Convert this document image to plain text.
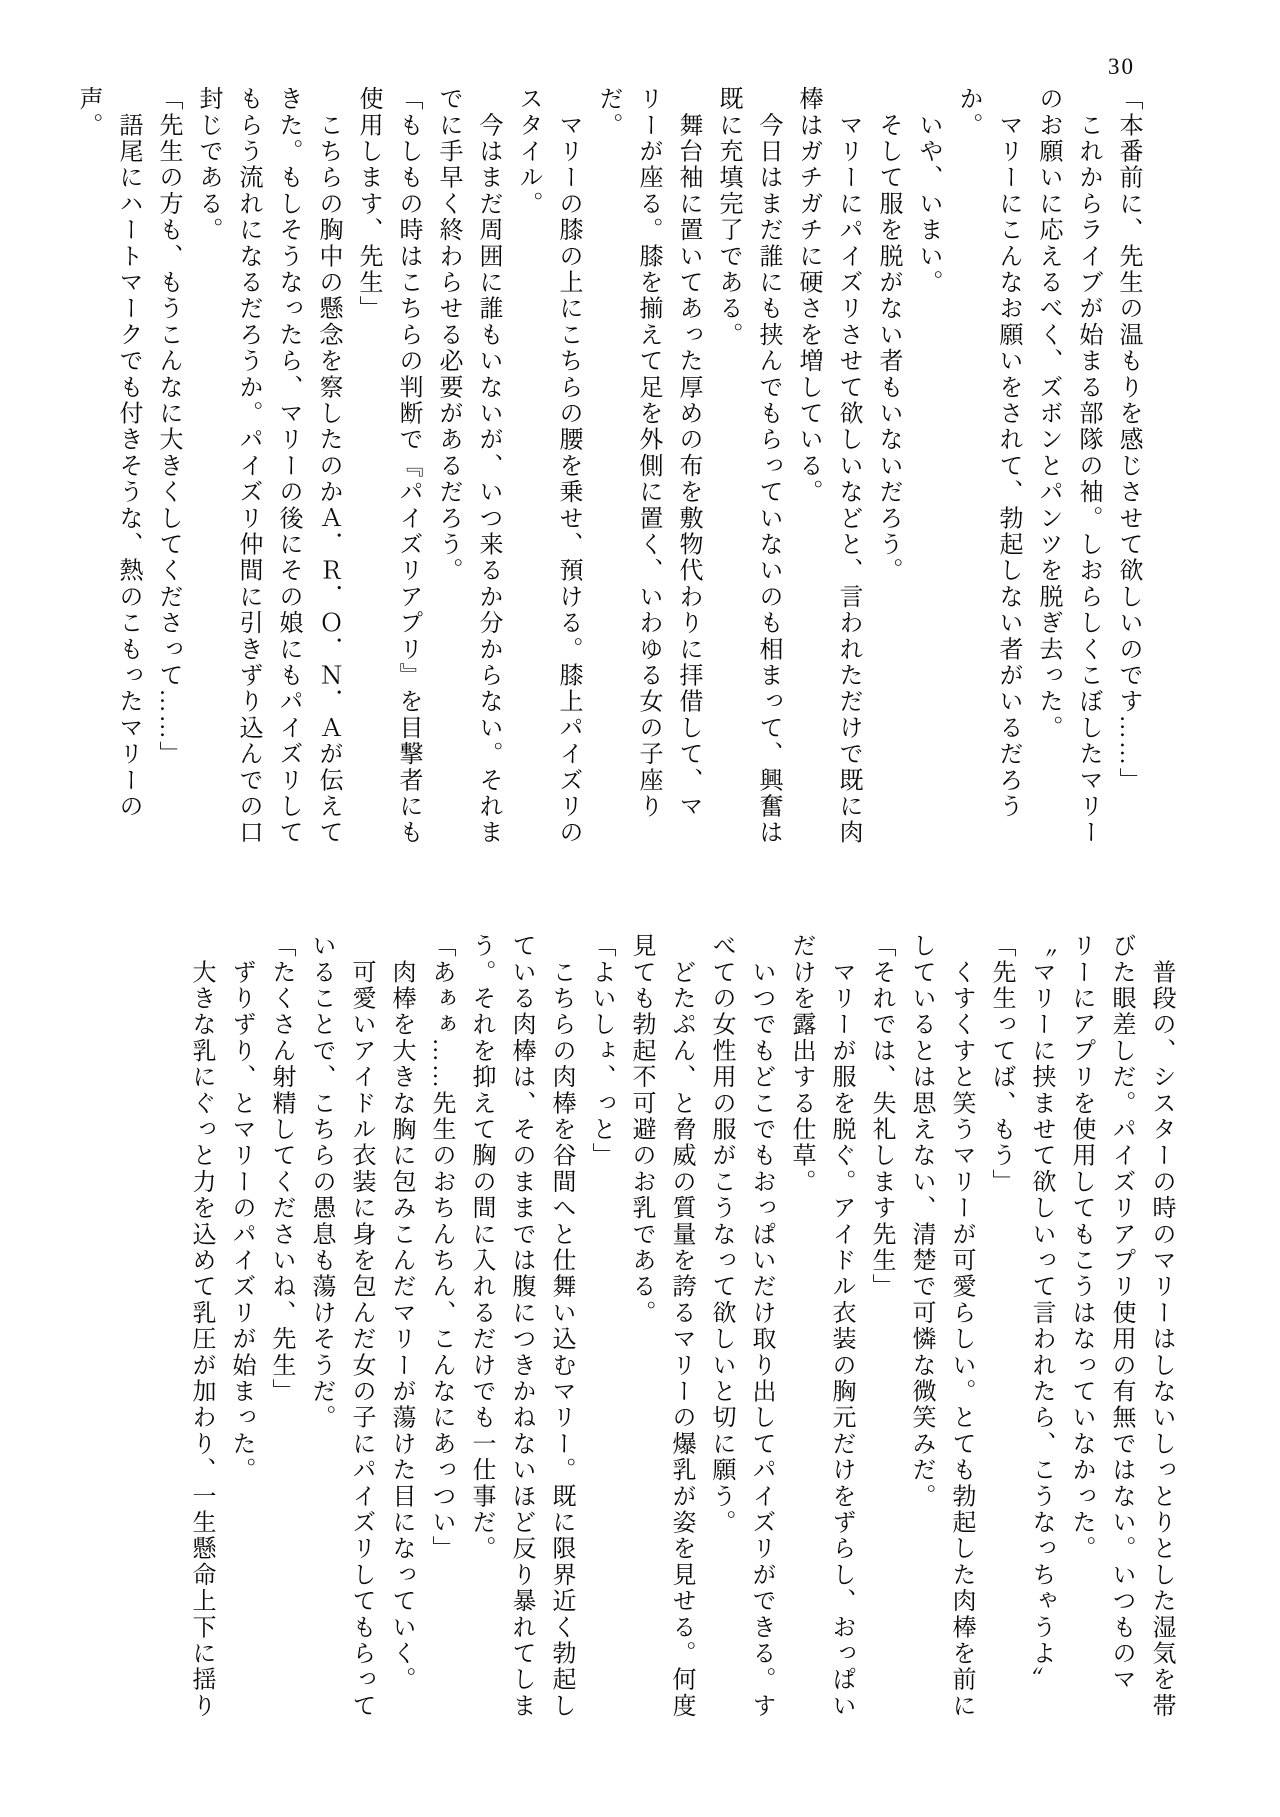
30

「本番前に、先生の温もりを感じさせて欲しいのです……」

　これからライブが始まる部隊の袖。しおらしくこぼしたマリーのお願いに応えるべく、ズボンとパンツを脱ぎ去った。

　マリーにこんなお願いをされて、勃起しない者がいるだろうか。

　いや、いまい。

　そして服を脱がない者もいないだろう。

　マリーにパイズリさせて欲しいなどと、言われただけで既に肉棒はガチガチに硬さを増している。

　今日はまだ誰にも挟んでもらっていないのも相まって、興奮は既に充填完了である。

　舞台袖に置いてあった厚めの布を敷物代わりに拝借して、マリーが座る。膝を揃えて足を外側に置く、いわゆる女の子座りだ。

　マリーの膝の上にこちらの腰を乗せ、預ける。膝上パイズリのスタイル。

　今はまだ周囲に誰もいないが、いつ来るか分からない。それまでに手早く終わらせる必要があるだろう。

「もしもの時はこちらの判断で『パイズリアプリ』を目撃者にも使用します、先生」

　こちらの胸中の懸念を察したのかＡ．Ｒ．Ｏ．Ｎ．Ａが伝えてきた。もしそうなったら、マリーの後にその娘にもパイズリしてもらう流れになるだろうか。パイズリ仲間に引きずり込んでの口封じである。

「先生の方も、もうこんなに大きくしてくださって……」

　語尾にハートマークでも付きそうな、熱のこもったマリーの声。

　普段の、シスターの時のマリーはしないしっとりとした湿気を帯びた眼差しだ。パイズリアプリ使用の有無ではない。いつものマリーにアプリを使用してもこうはなっていなかった。

〝マリーに挟ませて欲しいって言われたら、こうなっちゃうよ〟

「先生ってば、もう」

　くすくすと笑うマリーが可愛らしい。とても勃起した肉棒を前にしているとは思えない、清楚で可憐な微笑みだ。

「それでは、失礼します先生」

　マリーが服を脱ぐ。アイドル衣装の胸元だけをずらし、おっぱいだけを露出する仕草。

　いつでもどこでもおっぱいだけ取り出してパイズリができる。すべての女性用の服がこうなって欲しいと切に願う。

　どたぷん、と脅威の質量を誇るマリーの爆乳が姿を見せる。何度見ても勃起不可避のお乳である。

「よいしょ、っと」

　こちらの肉棒を谷間へと仕舞い込むマリー。既に限界近く勃起している肉棒は、そのままでは腹につきかねないほど反り暴れてしまう。それを抑えて胸の間に入れるだけでも一仕事だ。

「あぁぁ……先生のおちんちん、こんなにあっつい」

　肉棒を大きな胸に包みこんだマリーが蕩けた目になっていく。

　可愛いアイドル衣装に身を包んだ女の子にパイズリしてもらっていることで、こちらの愚息も蕩けそうだ。

「たくさん射精してくださいね、先生」

　ずりずり、とマリーのパイズリが始まった。

　大きな乳にぐっと力を込めて乳圧が加わり、一生懸命上下に揺り
